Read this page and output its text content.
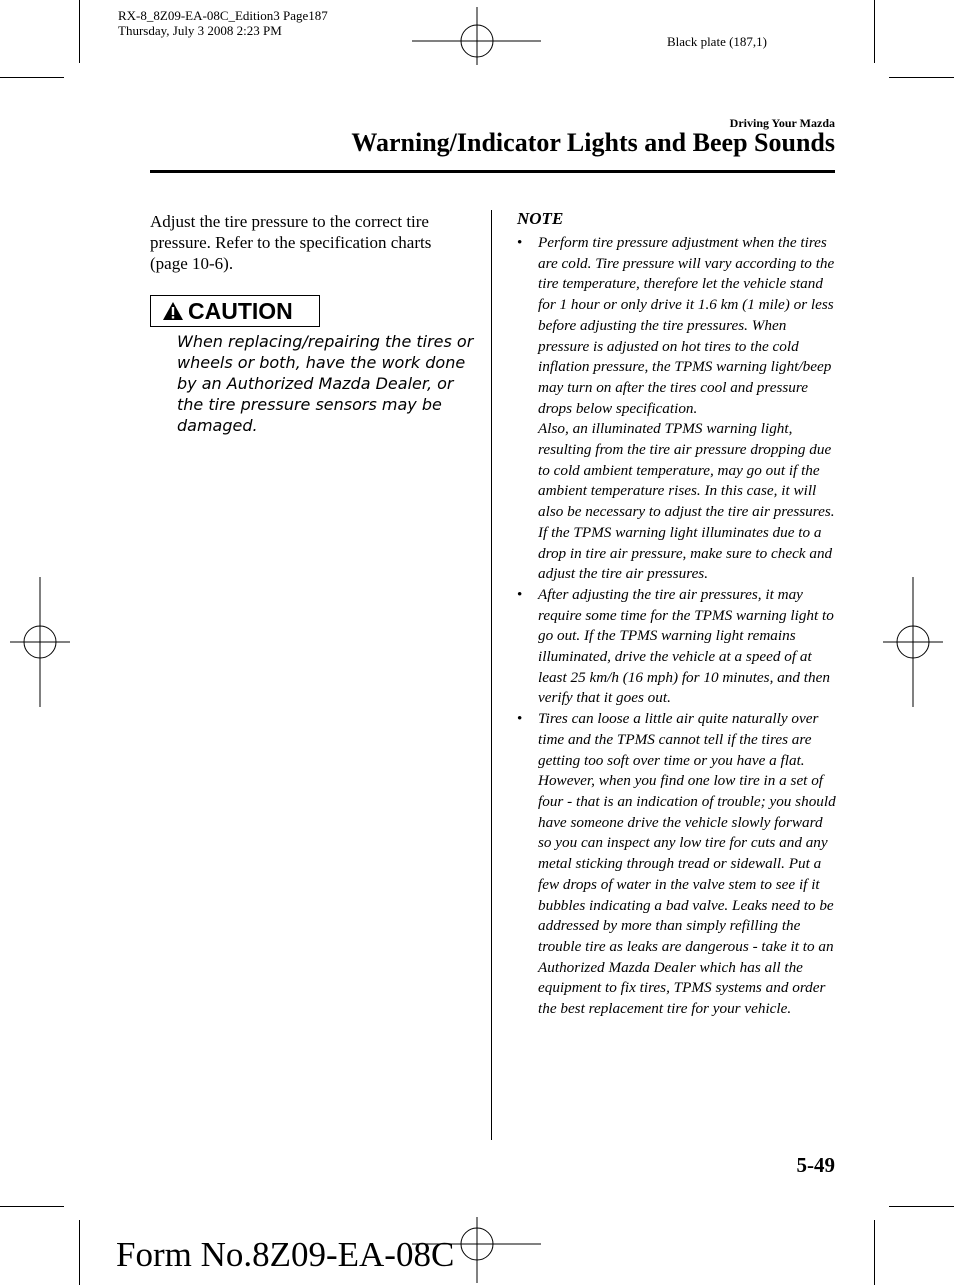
RX-8_8Z09-EA-08C_Edition3 Page187
Thursday, July 3 2008 2:23 PM
Black plate (187,1)
Driving Your Mazda
Warning/Indicator Lights and Beep Sounds

Adjust the tire pressure to the correct tire pressure. Refer to the specification charts (page 10-6).

CAUTION

When replacing/repairing the tires or wheels or both, have the work done by an Authorized Mazda Dealer, or the tire pressure sensors may be damaged.

NOTE

• Perform tire pressure adjustment when the tires are cold. Tire pressure will vary according to the tire temperature, therefore let the vehicle stand for 1 hour or only drive it 1.6 km (1 mile) or less before adjusting the tire pressures. When pressure is adjusted on hot tires to the cold inflation pressure, the TPMS warning light/beep may turn on after the tires cool and pressure drops below specification.

Also, an illuminated TPMS warning light, resulting from the tire air pressure dropping due to cold ambient temperature, may go out if the ambient temperature rises. In this case, it will also be necessary to adjust the tire air pressures. If the TPMS warning light illuminates due to a drop in tire air pressure, make sure to check and adjust the tire air pressures.

• After adjusting the tire air pressures, it may require some time for the TPMS warning light to go out. If the TPMS warning light remains illuminated, drive the vehicle at a speed of at least 25 km/h (16 mph) for 10 minutes, and then verify that it goes out.

• Tires can loose a little air quite naturally over time and the TPMS cannot tell if the tires are getting too soft over time or you have a flat. However, when you find one low tire in a set of four - that is an indication of trouble; you should have someone drive the vehicle slowly forward so you can inspect any low tire for cuts and any metal sticking through tread or sidewall. Put a few drops of water in the valve stem to see if it bubbles indicating a bad valve. Leaks need to be addressed by more than simply refilling the trouble tire as leaks are dangerous - take it to an Authorized Mazda Dealer which has all the equipment to fix tires, TPMS systems and order the best replacement tire for your vehicle.

5-49
Form No.8Z09-EA-08C
